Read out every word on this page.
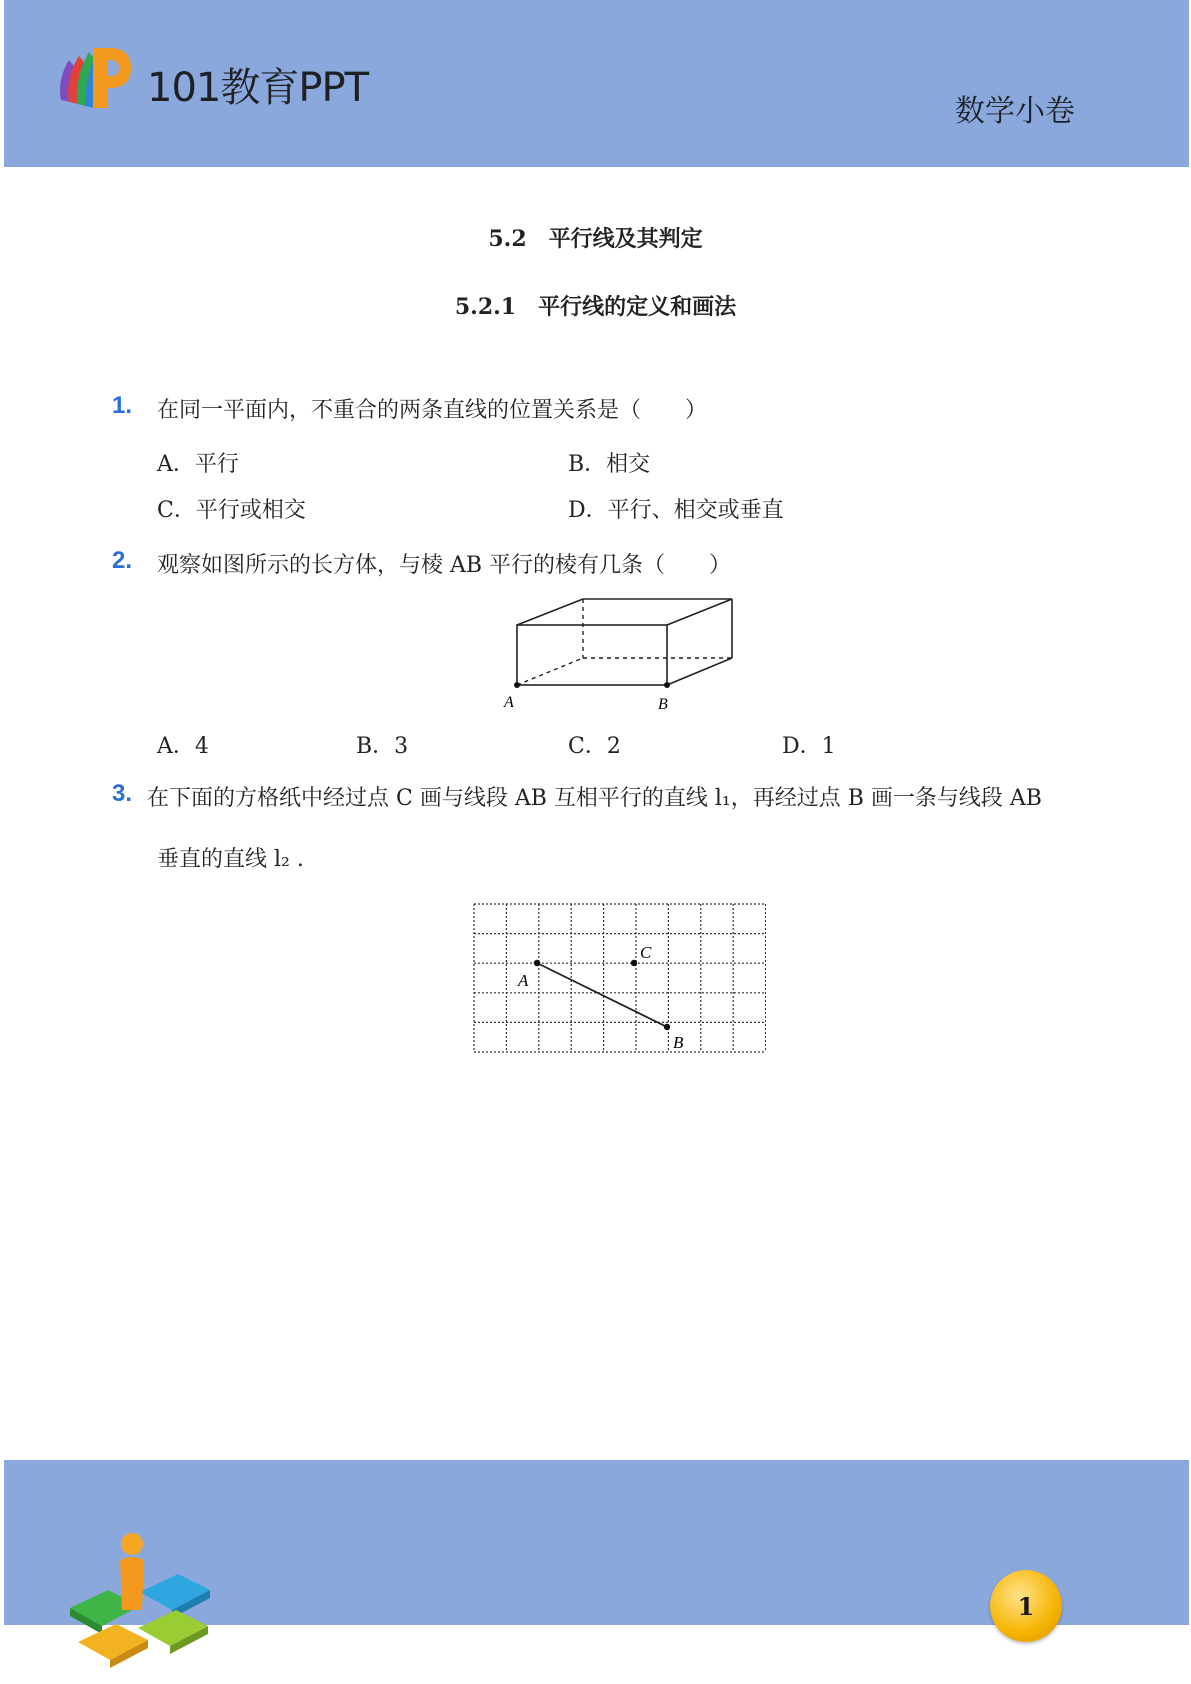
101教育PPT
数学小卷
5.2　平行线及其判定
5.2.1　平行线的定义和画法
1. 在同一平面内，不重合的两条直线的位置关系是（　　）
A．平行	B．相交
C．平行或相交	D．平行、相交或垂直
2. 观察如图所示的长方体，与棱 AB 平行的棱有几条（　　）
A	B
A．4	B．3	C．2	D．1
3. 在下面的方格纸中经过点 C 画与线段 AB 互相平行的直线 l₁，再经过点 B 画一条与线段 AB
垂直的直线 l₂ .
A
B
C
1
